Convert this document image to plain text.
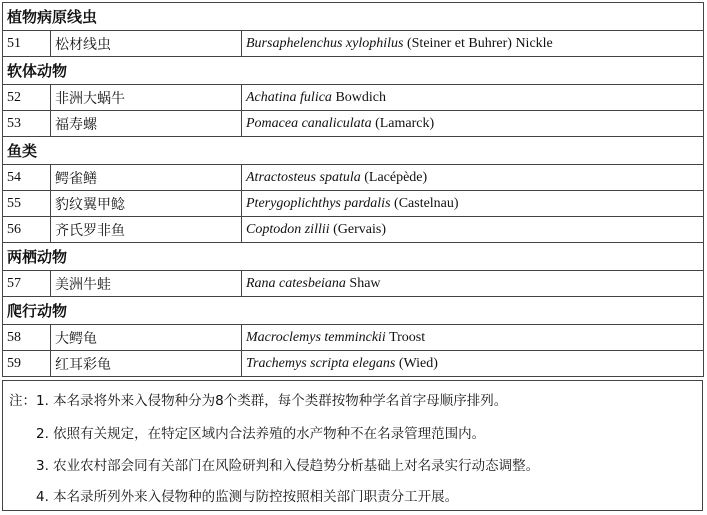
植物病原线虫		
51	松材线虫	Bursaphelenchus xylophilus (Steiner et Buhrer) Nickle
软体动物		
52	非洲大蜗牛	Achatina fulica Bowdich
53	福寿螺	Pomacea canaliculata (Lamarck)
鱼类		
54	鳄雀鳝	Atractosteus spatula (Lacépède)
55	豹纹翼甲鲶	Pterygoplichthys pardalis (Castelnau)
56	齐氏罗非鱼	Coptodon zillii (Gervais)
两栖动物		
57	美洲牛蛙	Rana catesbeiana Shaw
爬行动物		
58	大鳄龟	Macroclemys temminckii Troost
59	红耳彩龟	Trachemys scripta elegans (Wied)
注：1. 本名录将外来入侵物种分为8个类群，每个类群按物种学名首字母顺序排列。
2. 依照有关规定，在特定区域内合法养殖的水产物种不在名录管理范围内。
3. 农业农村部会同有关部门在风险研判和入侵趋势分析基础上对名录实行动态调整。
4. 本名录所列外来入侵物种的监测与防控按照相关部门职责分工开展。
